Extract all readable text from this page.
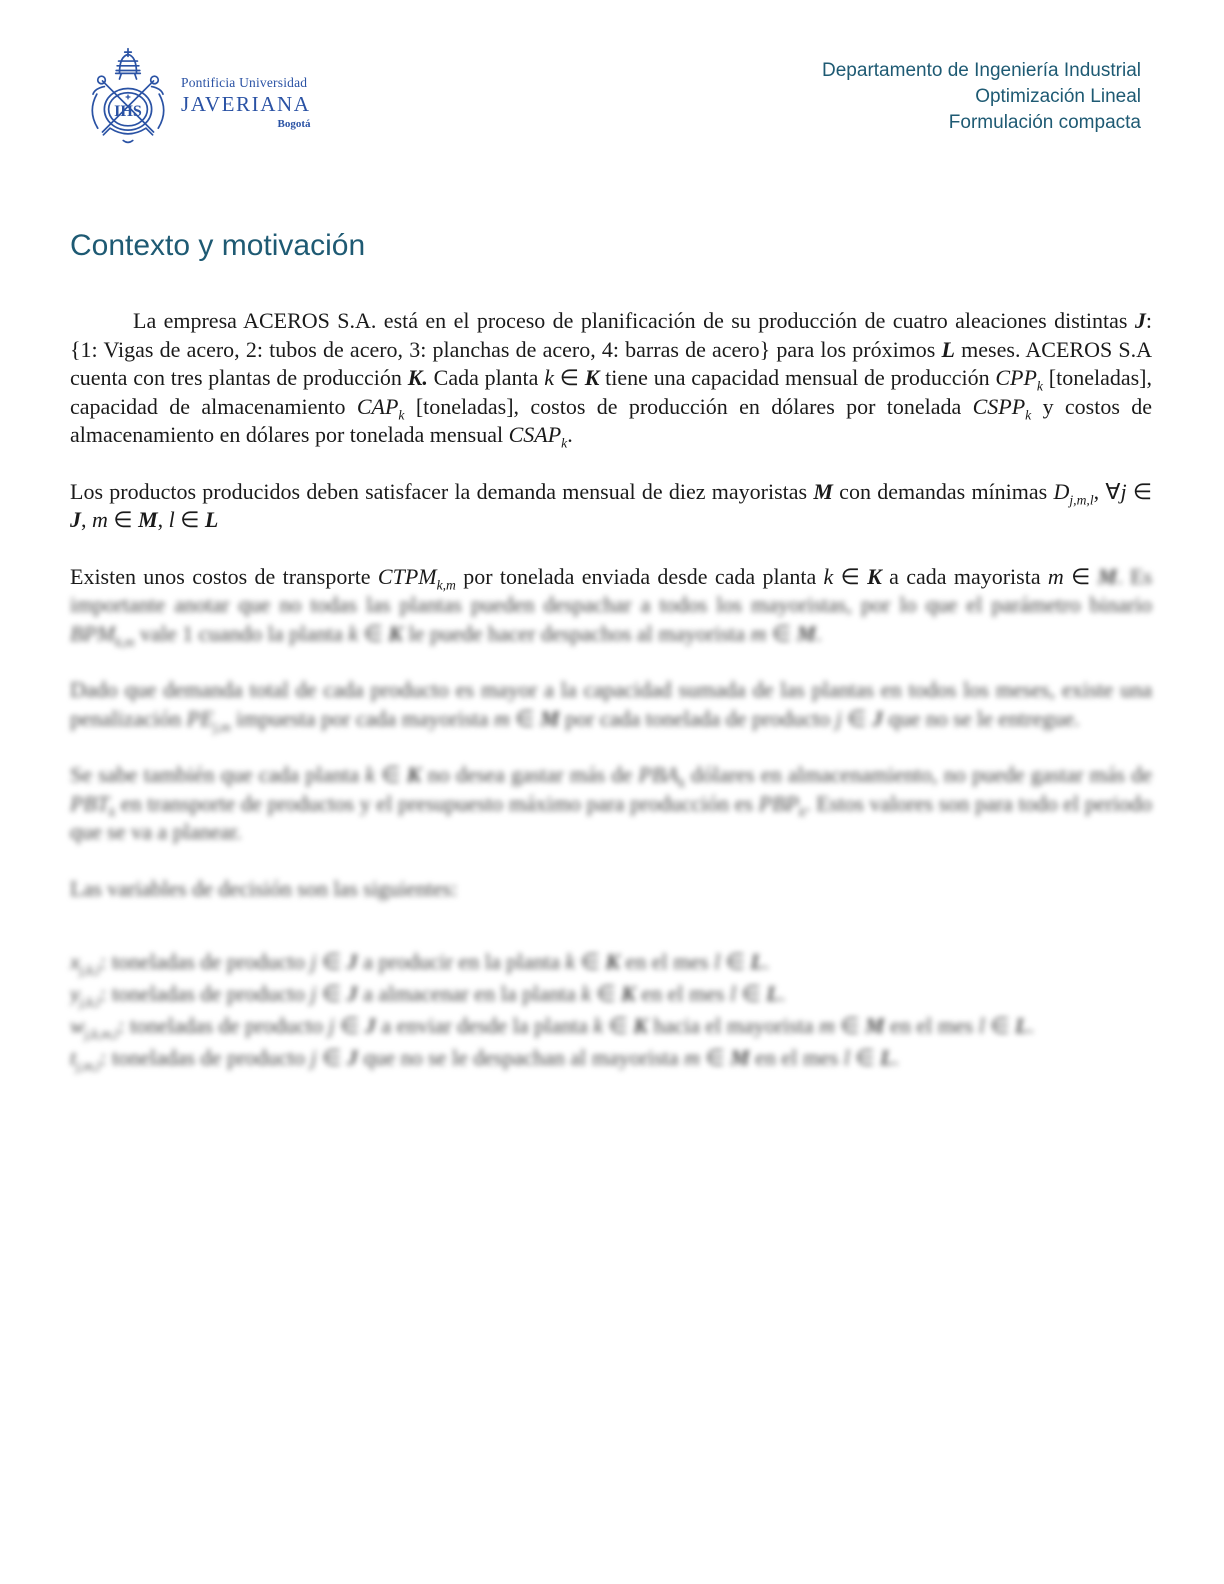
IHS
Pontificia Universidad
JAVERIANA
Bogotá
Departamento de Ingeniería Industrial
Optimización Lineal
Formulación compacta
Contexto y motivación

La empresa ACEROS S.A. está en el proceso de planificación de su producción de cuatro aleaciones distintas J: {1: Vigas de acero, 2: tubos de acero, 3: planchas de acero, 4: barras de acero} para los próximos L meses. ACEROS S.A cuenta con tres plantas de producción K. Cada planta k ∈ K tiene una capacidad mensual de producción $CPP_k$ [toneladas], capacidad de almacenamiento $CAP_k$ [toneladas], costos de producción en dólares por tonelada $CSPP_k$ y costos de almacenamiento en dólares por tonelada mensual $CSAP_k$.

Los productos producidos deben satisfacer la demanda mensual de diez mayoristas M con demandas mínimas $D_{j,m,l}$, ∀j ∈ J, m ∈ M, l ∈ L

Existen unos costos de transporte $CTPM_{k,m}$ por tonelada enviada desde cada planta k ∈ K a cada mayorista m ∈ M. Es importante anotar que no todas las plantas pueden despachar a todos los mayoristas, por lo que el parámetro binario $BPM_{k,m}$ vale 1 cuando la planta k ∈ K le puede hacer despachos al mayorista m ∈ M.

Dado que demanda total de cada producto es mayor a la capacidad sumada de las plantas en todos los meses, existe una penalización $PE_{j,m}$ impuesta por cada mayorista m ∈ M por cada tonelada de producto j ∈ J que no se le entregue.

Se sabe también que cada planta k ∈ K no desea gastar más de $PBA_k$ dólares en almacenamiento, no puede gastar más de $PBT_k$ en transporte de productos y el presupuesto máximo para producción es $PBP_k$. Estos valores son para todo el periodo que se va a planear.

Las variables de decisión son las siguientes:

$x_{j,k,l}$: toneladas de producto j ∈ J a producir en la planta k ∈ K en el mes l ∈ L.

$y_{j,k,l}$: toneladas de producto j ∈ J a almacenar en la planta k ∈ K en el mes l ∈ L.

$w_{j,k,m,l}$: toneladas de producto j ∈ J a enviar desde la planta k ∈ K hacia el mayorista m ∈ M en el mes l ∈ L.

$t_{j,m,l}$: toneladas de producto j ∈ J que no se le despachan al mayorista m ∈ M en el mes l ∈ L.
